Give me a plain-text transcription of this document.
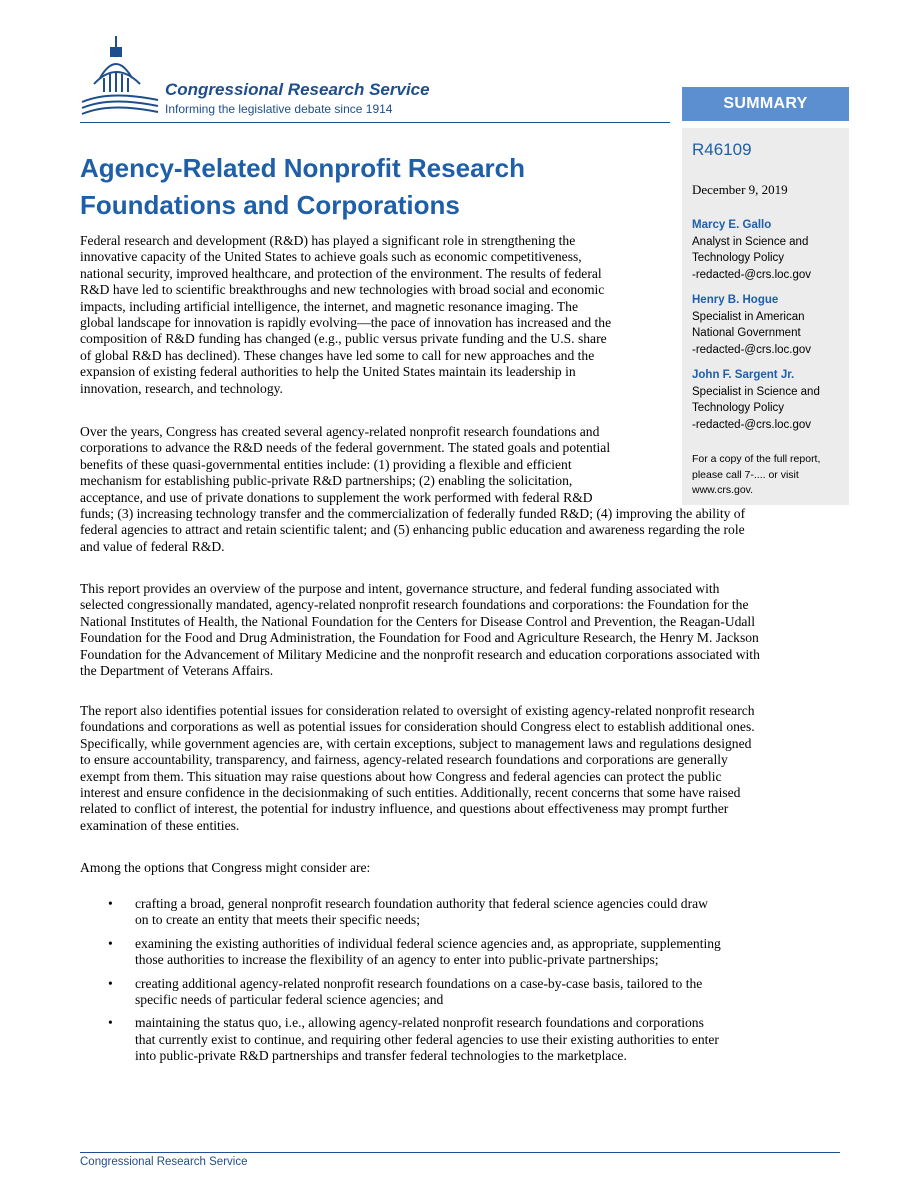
Congressional Research Service
Informing the legislative debate since 1914	SUMMARY
R46109
December 9, 2019
Marcy E. Gallo
Analyst in Science and
Technology Policy
-redacted-@crs.loc.gov
Henry B. Hogue
Specialist in American
National Government
-redacted-@crs.loc.gov
John F. Sargent Jr.
Specialist in Science and
Technology Policy
-redacted-@crs.loc.gov
For a copy of the full report,
please call 7-.... or visit
www.crs.gov.
Agency-Related Nonprofit Research
Foundations and Corporations
Federal research and development (R&D) has played a significant role in strengthening the
innovative capacity of the United States to achieve goals such as economic competitiveness,
national security, improved healthcare, and protection of the environment. The results of federal
R&D have led to scientific breakthroughs and new technologies with broad social and economic
impacts, including artificial intelligence, the internet, and magnetic resonance imaging. The
global landscape for innovation is rapidly evolving—the pace of innovation has increased and the
composition of R&D funding has changed (e.g., public versus private funding and the U.S. share
of global R&D has declined). These changes have led some to call for new approaches and the
expansion of existing federal authorities to help the United States maintain its leadership in
innovation, research, and technology.
Over the years, Congress has created several agency-related nonprofit research foundations and
corporations to advance the R&D needs of the federal government. The stated goals and potential
benefits of these quasi-governmental entities include: (1) providing a flexible and efficient
mechanism for establishing public-private R&D partnerships; (2) enabling the solicitation,
acceptance, and use of private donations to supplement the work performed with federal R&D
funds; (3) increasing technology transfer and the commercialization of federally funded R&D; (4) improving the ability of
federal agencies to attract and retain scientific talent; and (5) enhancing public education and awareness regarding the role
and value of federal R&D.
This report provides an overview of the purpose and intent, governance structure, and federal funding associated with
selected congressionally mandated, agency-related nonprofit research foundations and corporations: the Foundation for the
National Institutes of Health, the National Foundation for the Centers for Disease Control and Prevention, the Reagan-Udall
Foundation for the Food and Drug Administration, the Foundation for Food and Agriculture Research, the Henry M. Jackson
Foundation for the Advancement of Military Medicine and the nonprofit research and education corporations associated with
the Department of Veterans Affairs.
The report also identifies potential issues for consideration related to oversight of existing agency-related nonprofit research
foundations and corporations as well as potential issues for consideration should Congress elect to establish additional ones.
Specifically, while government agencies are, with certain exceptions, subject to management laws and regulations designed
to ensure accountability, transparency, and fairness, agency-related research foundations and corporations are generally
exempt from them. This situation may raise questions about how Congress and federal agencies can protect the public
interest and ensure confidence in the decisionmaking of such entities. Additionally, recent concerns that some have raised
related to conflict of interest, the potential for industry influence, and questions about effectiveness may prompt further
examination of these entities.
Among the options that Congress might consider are:
• crafting a broad, general nonprofit research foundation authority that federal science agencies could draw
on to create an entity that meets their specific needs;
• examining the existing authorities of individual federal science agencies and, as appropriate, supplementing
those authorities to increase the flexibility of an agency to enter into public-private partnerships;
• creating additional agency-related nonprofit research foundations on a case-by-case basis, tailored to the
specific needs of particular federal science agencies; and
• maintaining the status quo, i.e., allowing agency-related nonprofit research foundations and corporations
that currently exist to continue, and requiring other federal agencies to use their existing authorities to enter
into public-private R&D partnerships and transfer federal technologies to the marketplace.
Congressional Research Service
